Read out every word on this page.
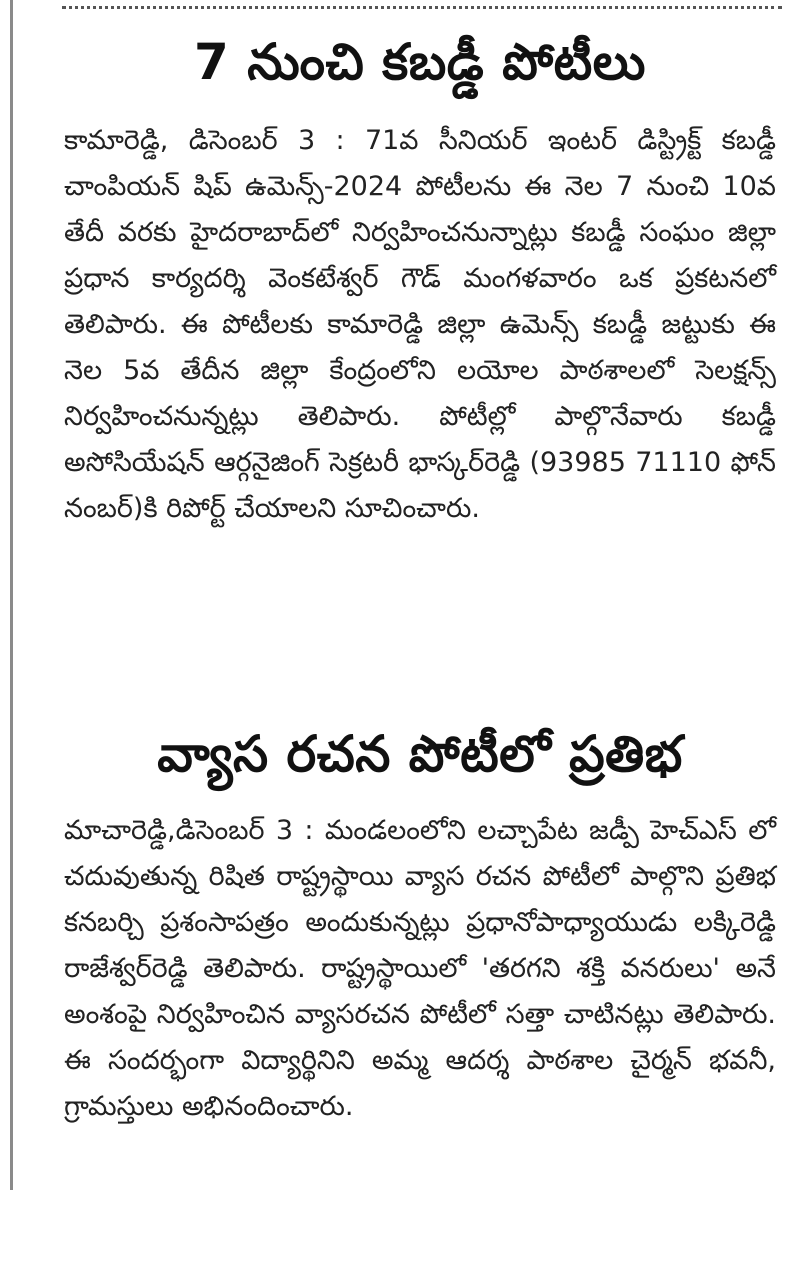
7 నుంచి కబడ్డీ పోటీలు

కామారెడ్డి, డిసెంబర్ 3 : 71వ సీనియర్ ఇంటర్ డిస్ట్రిక్ట్ కబడ్డీ చాంపియన్ షిప్ ఉమెన్స్-2024 పోటీలను ఈ నెల 7 నుంచి 10వ తేదీ వరకు హైదరాబాద్‌లో నిర్వహించనున్నాట్లు కబడ్డీ సంఘం జిల్లా ప్రధాన కార్యదర్శి వెంకటేశ్వర్ గౌడ్ మంగళవారం ఒక ప్రకటనలో తెలిపారు. ఈ పోటీలకు కామారెడ్డి జిల్లా ఉమెన్స్ కబడ్డీ జట్టుకు ఈ నెల 5వ తేదీన జిల్లా కేంద్రంలోని లయోల పాఠశాలలో సెలక్షన్స్ నిర్వహించనున్నట్లు తెలిపారు. పోటీల్లో పాల్గొనేవారు కబడ్డీ అసోసియేషన్ ఆర్గనైజింగ్ సెక్రటరీ భాస్కర్‌రెడ్డి (93985 71110 ఫోన్ నంబర్)కి రిపోర్ట్ చేయాలని సూచించారు.

వ్యాస రచన పోటీలో ప్రతిభ

మాచారెడ్డి,డిసెంబర్ 3 : మండలంలోని లచ్చాపేట జడ్పీ హెచ్ఎస్ లో చదువుతున్న రిషిత రాష్ట్రస్థాయి వ్యాస రచన పోటీలో పాల్గొని ప్రతిభ కనబర్చి ప్రశంసాపత్రం అందుకున్నట్లు ప్రధానోపాధ్యాయుడు లక్కిరెడ్డి రాజేశ్వర్‌రెడ్డి తెలిపారు. రాష్ట్రస్థాయిలో 'తరగని శక్తి వనరులు' అనే అంశంపై నిర్వహించిన వ్యాసరచన పోటీలో సత్తా చాటినట్లు తెలిపారు. ఈ సందర్భంగా విద్యార్థినిని అమ్మ ఆదర్శ పాఠశాల చైర్మన్ భవనీ, గ్రామస్తులు అభినందించారు.
